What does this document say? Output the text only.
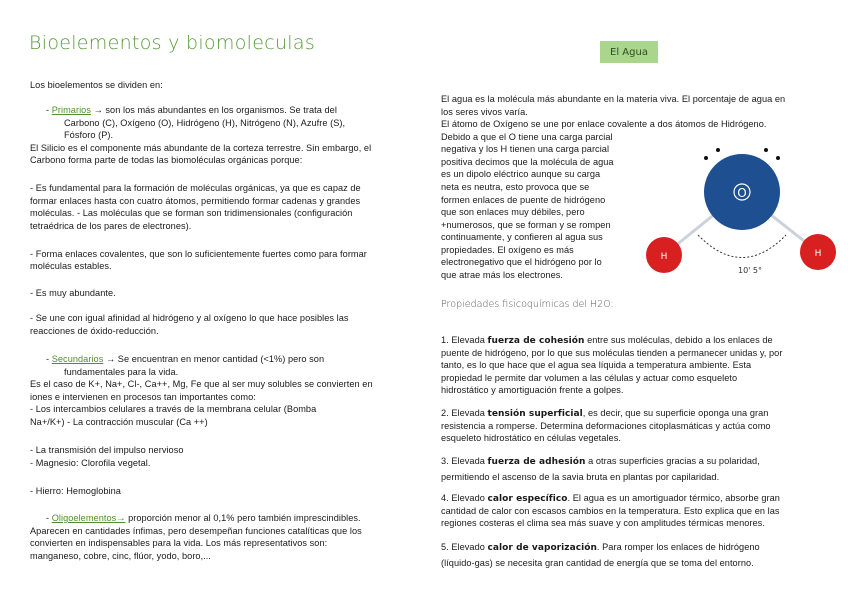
Bioelementos y biomoleculas

Los bioelementos se dividen en:

- Primarios → son los más abundantes en los organismos. Se trata del

Carbono (C), Oxígeno (O), Hidrógeno (H), Nitrógeno (N), Azufre (S),

Fósforo (P).

El Silicio es el componente más abundante de la corteza terrestre. Sin embargo, el

Carbono forma parte de todas las biomoléculas orgánicas porque:

- Es fundamental para la formación de moléculas orgánicas, ya que es capaz de

formar enlaces hasta con cuatro átomos, permitiendo formar cadenas y grandes

moléculas. - Las moléculas que se forman son tridimensionales (configuración

tetraédrica de los pares de electrones).

- Forma enlaces covalentes, que son lo suficientemente fuertes como para formar

moléculas estables.

- Es muy abundante.

- Se une con igual afinidad al hidrógeno y al oxígeno lo que hace posibles las

reacciones de óxido-reducción.

- Secundarios → Se encuentran en menor cantidad (<1%) pero son

fundamentales para la vida.

Es el caso de K+, Na+, Cl-, Ca++, Mg, Fe que al ser muy solubles se convierten en

iones e intervienen en procesos tan importantes como:

- Los intercambios celulares a través de la membrana celular (Bomba

Na+/K+) - La contracción muscular (Ca ++)

- La transmisión del impulso nervioso

- Magnesio: Clorofila vegetal.

- Hierro: Hemoglobina

- Oligoelementos→ proporción menor al 0,1% pero también imprescindibles.

Aparecen en cantidades ínfimas, pero desempeñan funciones catalíticas que los

convierten en indispensables para la vida. Los más representativos son:

manganeso, cobre, cinc, flúor, yodo, boro,...

El Agua

El agua es la molécula más abundante en la materia viva. El porcentaje de agua en

los seres vivos varía.

El átomo de Oxígeno se une por enlace covalente a dos átomos de Hidrógeno.

Debido a que el O tiene una carga parcial

negativa y los H tienen una carga parcial

positiva decimos que la molécula de agua

es un dipolo eléctrico aunque su carga

neta es neutra, esto provoca que se

formen enlaces de puente de hidrógeno

que son enlaces muy débiles, pero

+numerosos, que se forman y se rompen

continuamente, y confieren al agua sus

propiedades. El oxígeno es más

electronegativo que el hidrógeno por lo

que atrae más los electrones.

O
H	H
10' 5°
Propiedades fisicoquímicas del H2O:

1. Elevada fuerza de cohesión entre sus moléculas, debido a los enlaces de

puente de hidrógeno, por lo que sus moléculas tienden a permanecer unidas y, por

tanto, es lo que hace que el agua sea líquida a temperatura ambiente. Esta

propiedad le permite dar volumen a las células y actuar como esqueleto

hidrostático y amortiguación frente a golpes.

2. Elevada tensión superficial, es decir, que su superficie oponga una gran

resistencia a romperse. Determina deformaciones citoplasmáticas y actúa como

esqueleto hidrostático en células vegetales.

3. Elevada fuerza de adhesión a otras superficies gracias a su polaridad,

permitiendo el ascenso de la savia bruta en plantas por capilaridad.

4. Elevado calor específico. El agua es un amortiguador térmico, absorbe gran

cantidad de calor con escasos cambios en la temperatura. Esto explica que en las

regiones costeras el clima sea más suave y con amplitudes térmicas menores.

5. Elevado calor de vaporización. Para romper los enlaces de hidrógeno

(líquido-gas) se necesita gran cantidad de energía que se toma del entorno.
